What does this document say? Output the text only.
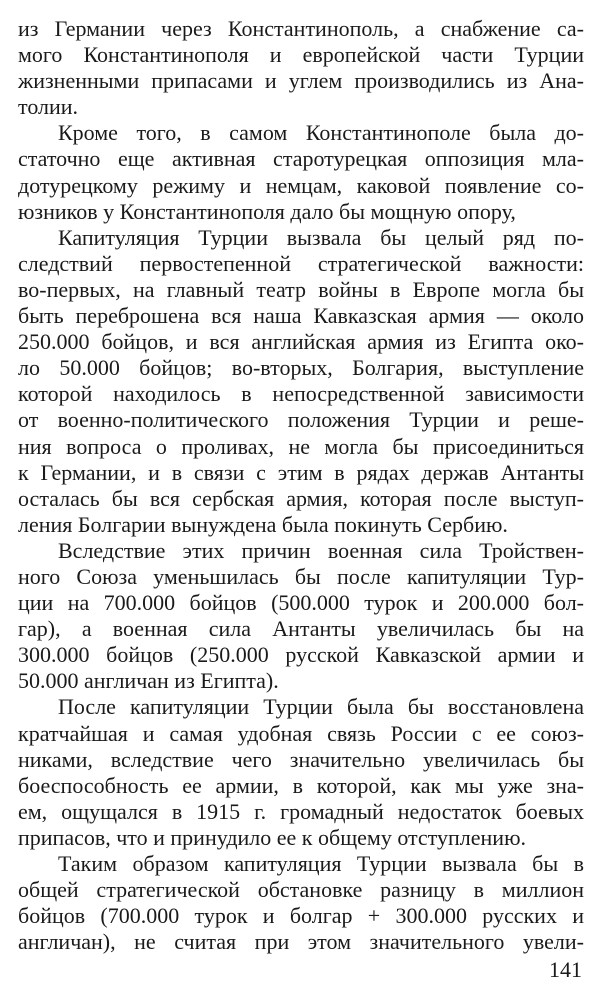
из Германии через Константинополь, а снабжение са-
мого Константинополя и европейской части Турции
жизненными припасами и углем производились из Ана-
толии.
Кроме того, в самом Константинополе была до-
статочно еще активная старотурецкая оппозиция мла-
дотурецкому режиму и немцам, каковой появление со-
юзников у Константинополя дало бы мощную опору,
Капитуляция Турции вызвала бы целый ряд по-
следствий первостепенной стратегической важности:
во-первых, на главный театр войны в Европе могла бы
быть переброшена вся наша Кавказская армия — около
250.000 бойцов, и вся английская армия из Египта око-
ло 50.000 бойцов; во-вторых, Болгария, выступление
которой находилось в непосредственной зависимости
от военно-политического положения Турции и реше-
ния вопроса о проливах, не могла бы присоединиться
к Германии, и в связи с этим в рядах держав Антанты
осталась бы вся сербская армия, которая после выступ-
ления Болгарии вынуждена была покинуть Сербию.
Вследствие этих причин военная сила Тройствен-
ного Союза уменьшилась бы после капитуляции Тур-
ции на 700.000 бойцов (500.000 турок и 200.000 бол-
гар), а военная сила Антанты увеличилась бы на
300.000 бойцов (250.000 русской Кавказской армии и
50.000 англичан из Египта).
После капитуляции Турции была бы восстановлена
кратчайшая и самая удобная связь России с ее союз-
никами, вследствие чего значительно увеличилась бы
боеспособность ее армии, в которой, как мы уже зна-
ем, ощущался в 1915 г. громадный недостаток боевых
припасов, что и принудило ее к общему отступлению.
Таким образом капитуляция Турции вызвала бы в
общей стратегической обстановке разницу в миллион
бойцов (700.000 турок и болгар + 300.000 русских и
англичан), не считая при этом значительного увели-
141
